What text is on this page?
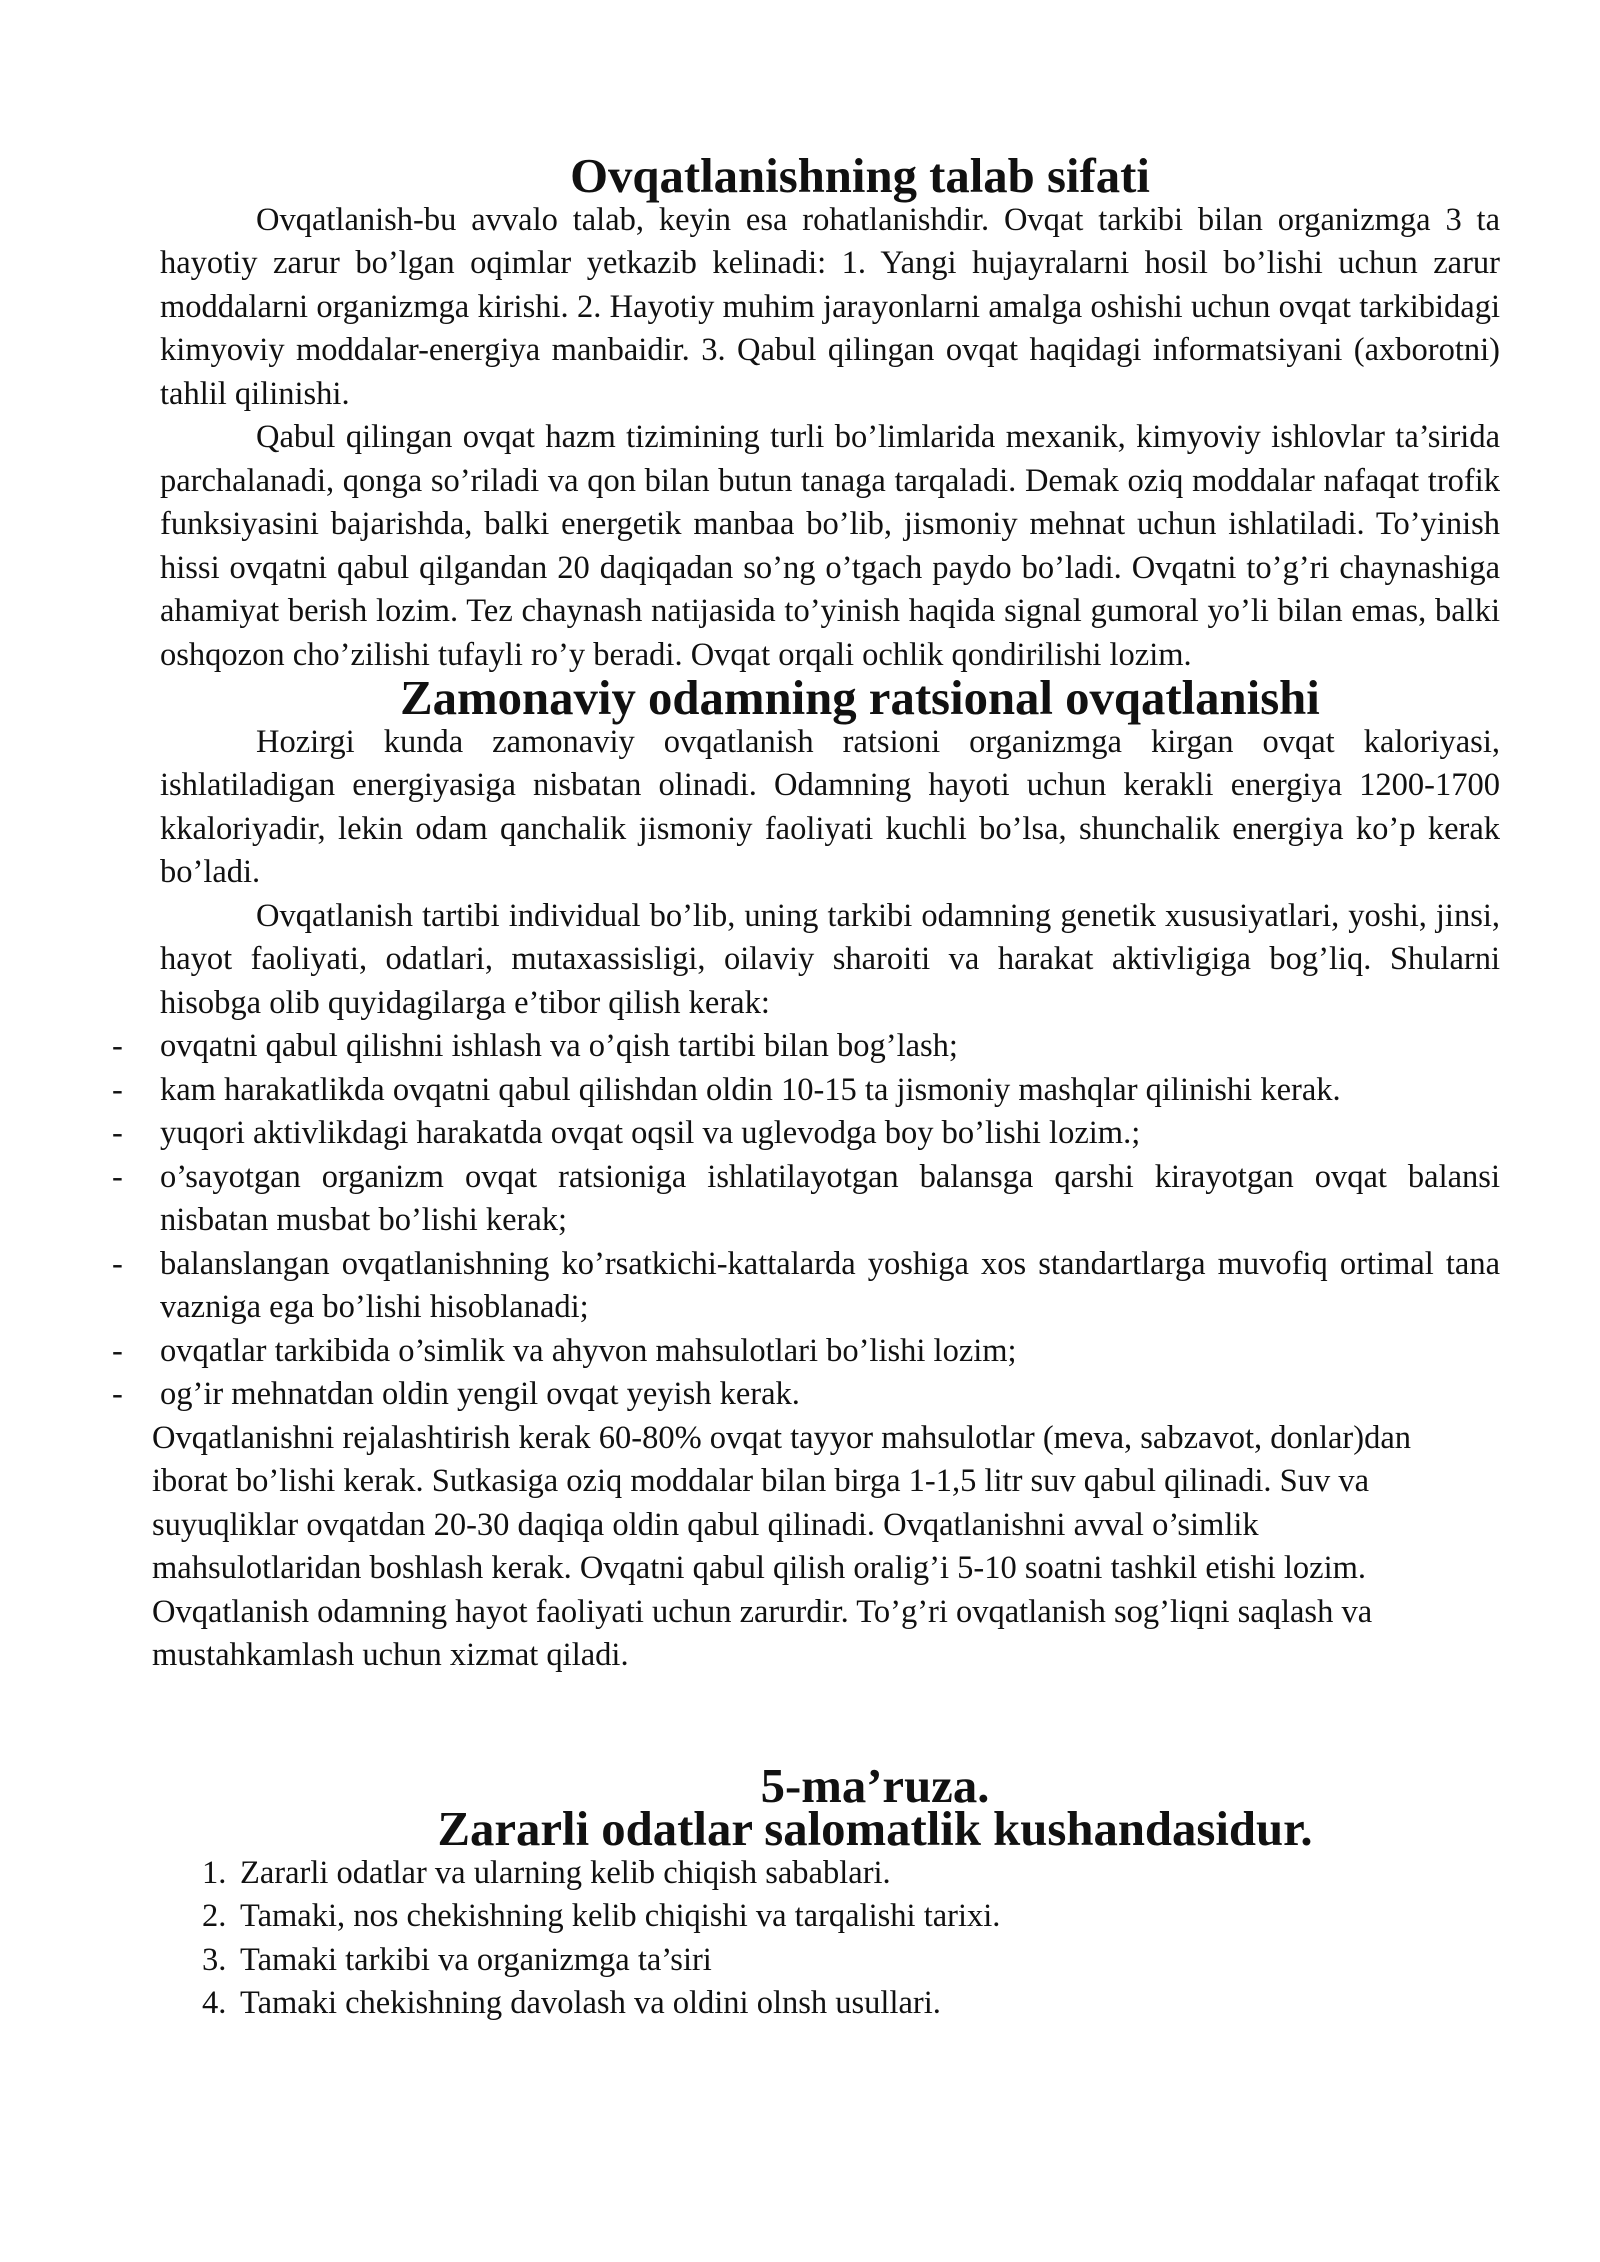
Ovqatlanishning talab sifati

Ovqatlanish-bu avvalo talab, keyin esa rohatlanishdir. Ovqat tarkibi bilan organizmga 3 ta hayotiy zarur bo’lgan oqimlar yetkazib kelinadi: 1. Yangi hujayralarni hosil bo’lishi uchun zarur moddalarni organizmga kirishi. 2. Hayotiy muhim jarayonlarni amalga oshishi uchun ovqat tarkibidagi kimyoviy moddalar-energiya manbaidir. 3. Qabul qilingan ovqat haqidagi informatsiyani (axborotni) tahlil qilinishi.

Qabul qilingan ovqat hazm tizimining turli bo’limlarida mexanik, kimyoviy ishlovlar ta’sirida parchalanadi, qonga so’riladi va qon bilan butun tanaga tarqaladi. Demak oziq moddalar nafaqat trofik funksiyasini bajarishda, balki energetik manbaa bo’lib, jismoniy mehnat uchun ishlatiladi. To’yinish hissi ovqatni qabul qilgandan 20 daqiqadan so’ng o’tgach paydo bo’ladi. Ovqatni to’g’ri chaynashiga ahamiyat berish lozim. Tez chaynash natijasida to’yinish haqida signal gumoral yo’li bilan emas, balki oshqozon cho’zilishi tufayli ro’y beradi. Ovqat orqali ochlik qondirilishi lozim.

Zamonaviy odamning ratsional ovqatlanishi

Hozirgi kunda zamonaviy ovqatlanish ratsioni organizmga kirgan ovqat kaloriyasi, ishlatiladigan energiyasiga nisbatan olinadi. Odamning hayoti uchun kerakli energiya 1200-1700 kkaloriyadir, lekin odam qanchalik jismoniy faoliyati kuchli bo’lsa, shunchalik energiya ko’p kerak bo’ladi.

Ovqatlanish tartibi individual bo’lib, uning tarkibi odamning genetik xususiyatlari, yoshi, jinsi, hayot faoliyati, odatlari, mutaxassisligi, oilaviy sharoiti va harakat aktivligiga bog’liq. Shularni hisobga olib quyidagilarga e’tibor qilish kerak:

- ovqatni qabul qilishni ishlash va o’qish tartibi bilan bog’lash;
- kam harakatlikda ovqatni qabul qilishdan oldin 10-15 ta jismoniy mashqlar qilinishi kerak.
- yuqori aktivlikdagi harakatda ovqat oqsil va uglevodga boy bo’lishi lozim.;
- o’sayotgan organizm ovqat ratsioniga ishlatilayotgan balansga qarshi kirayotgan ovqat balansi nisbatan musbat bo’lishi kerak;
- balanslangan ovqatlanishning ko’rsatkichi-kattalarda yoshiga xos standartlarga muvofiq ortimal tana vazniga ega bo’lishi hisoblanadi;
- ovqatlar tarkibida o’simlik va ahyvon mahsulotlari bo’lishi lozim;
- og’ir mehnatdan oldin yengil ovqat yeyish kerak.

Ovqatlanishni rejalashtirish kerak 60-80% ovqat tayyor mahsulotlar (meva, sabzavot, donlar)dan iborat bo’lishi kerak. Sutkasiga oziq moddalar bilan birga 1-1,5 litr suv qabul qilinadi. Suv va suyuqliklar ovqatdan 20-30 daqiqa oldin qabul qilinadi. Ovqatlanishni avval o’simlik mahsulotlaridan boshlash kerak. Ovqatni qabul qilish oralig’i 5-10 soatni tashkil etishi lozim. Ovqatlanish odamning hayot faoliyati uchun zarurdir. To’g’ri ovqatlanish sog’liqni saqlash va mustahkamlash uchun xizmat qiladi.

5-ma’ruza.
Zararli odatlar salomatlik kushandasidur.
1. Zararli odatlar va ularning kelib chiqish sabablari.
2. Tamaki, nos chekishning kelib chiqishi va tarqalishi tarixi.
3. Tamaki tarkibi va organizmga ta’siri
4. Tamaki chekishning davolash va oldini olnsh usullari.
